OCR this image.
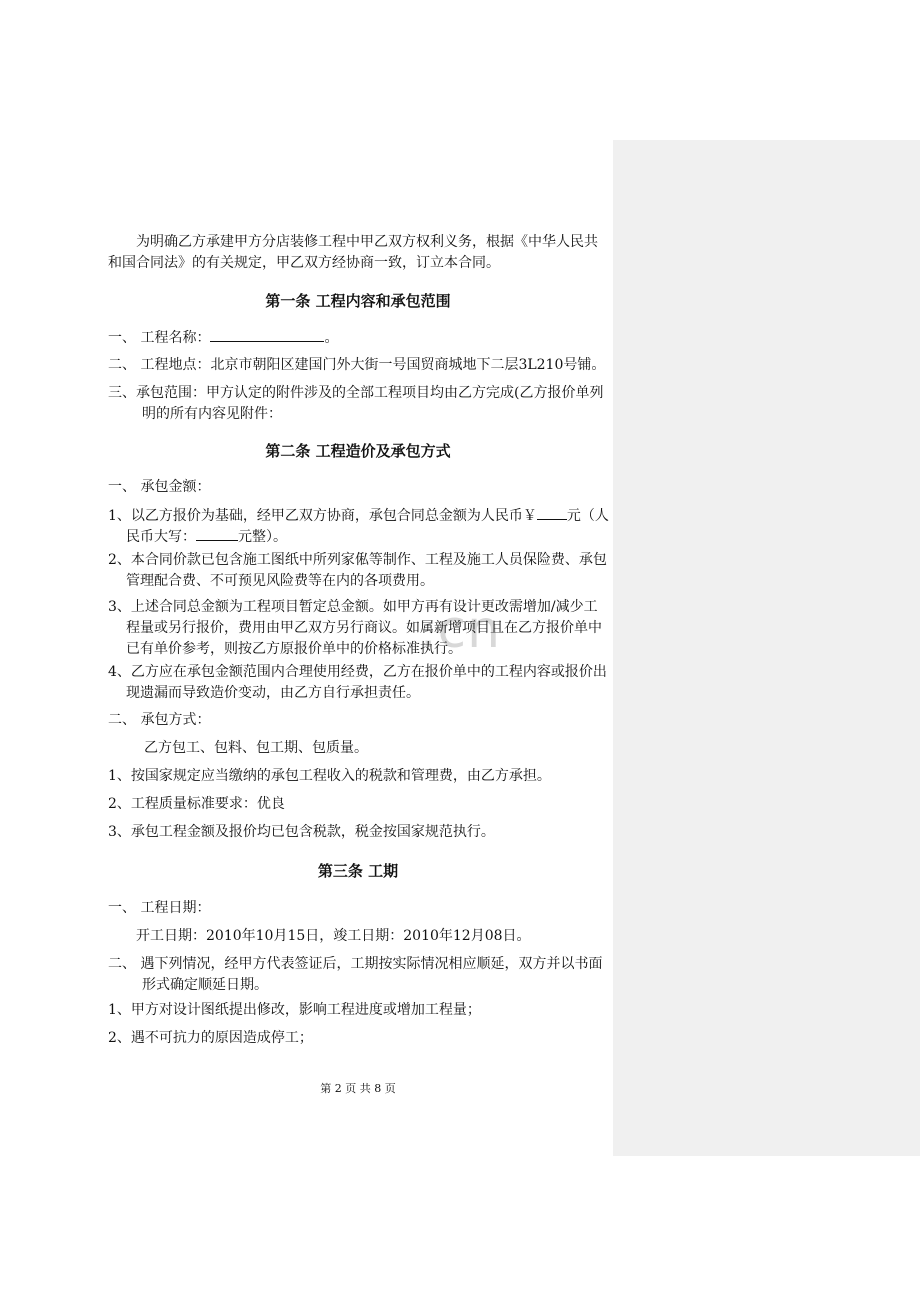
.cn
为明确乙方承建甲方分店装修工程中甲乙双方权利义务，根据《中华人民共
和国合同法》的有关规定，甲乙双方经协商一致，订立本合同。
第一条 工程内容和承包范围
一、 工程名称：	。
二、 工程地点：北京市朝阳区建国门外大街一号国贸商城地下二层3L210号铺。
三、承包范围：甲方认定的附件涉及的全部工程项目均由乙方完成(乙方报价单列明的所有内容见附件：
第二条 工程造价及承包方式
一、 承包金额：
1、以乙方报价为基础，经甲乙双方协商，承包合同总金额为人民币￥ 元（人
民币大写：	元整）。
2、本合同价款已包含施工图纸中所列家俬等制作、工程及施工人员保险费、承包管理配合费、不可预见风险费等在内的各项费用。
3、上述合同总金额为工程项目暂定总金额。如甲方再有设计更改需增加/减少工程量或另行报价，费用由甲乙双方另行商议。如属新增项目且在乙方报价单中已有单价参考，则按乙方原报价单中的价格标准执行。
4、乙方应在承包金额范围内合理使用经费，乙方在报价单中的工程内容或报价出现遗漏而导致造价变动，由乙方自行承担责任。
二、 承包方式：
乙方包工、包料、包工期、包质量。
1、按国家规定应当缴纳的承包工程收入的税款和管理费，由乙方承担。
2、工程质量标准要求：优良
3、承包工程金额及报价均已包含税款，税金按国家规范执行。
第三条 工期
一、 工程日期：
开工日期：2010年10月15日，竣工日期：2010年12月08日。
二、 遇下列情况，经甲方代表签证后，工期按实际情况相应顺延，双方并以书面形式确定顺延日期。
1、甲方对设计图纸提出修改，影响工程进度或增加工程量；
2、遇不可抗力的原因造成停工；
第 2 页 共 8 页
